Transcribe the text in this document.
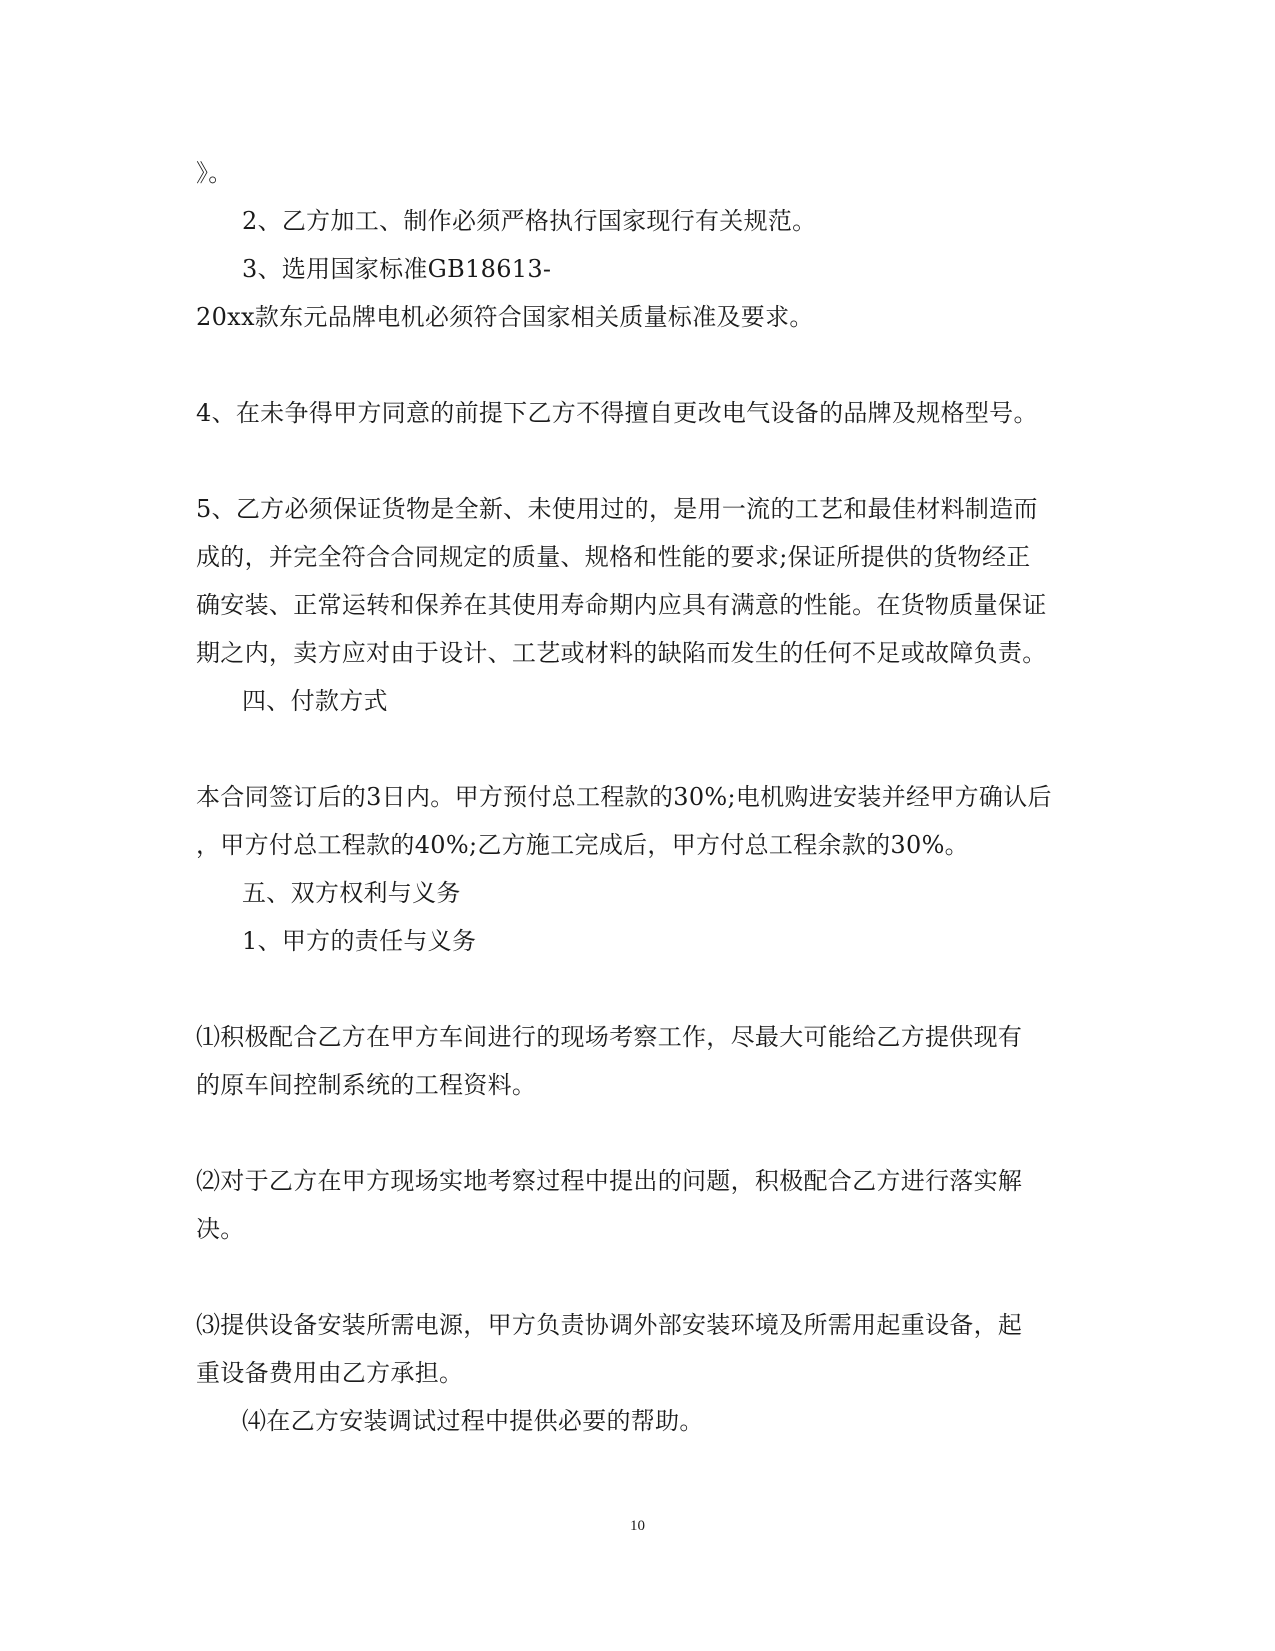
》。
2、乙方加工、制作必须严格执行国家现行有关规范。
3、选用国家标准GB18613-
20xx款东元品牌电机必须符合国家相关质量标准及要求。
4、在未争得甲方同意的前提下乙方不得擅自更改电气设备的品牌及规格型号。
5、乙方必须保证货物是全新、未使用过的，是用一流的工艺和最佳材料制造而
成的，并完全符合合同规定的质量、规格和性能的要求;保证所提供的货物经正
确安装、正常运转和保养在其使用寿命期内应具有满意的性能。在货物质量保证
期之内，卖方应对由于设计、工艺或材料的缺陷而发生的任何不足或故障负责。
四、付款方式
本合同签订后的3日内。甲方预付总工程款的30%;电机购进安装并经甲方确认后
，甲方付总工程款的40%;乙方施工完成后，甲方付总工程余款的30%。
五、双方权利与义务
1、甲方的责任与义务
⑴积极配合乙方在甲方车间进行的现场考察工作，尽最大可能给乙方提供现有
的原车间控制系统的工程资料。
⑵对于乙方在甲方现场实地考察过程中提出的问题，积极配合乙方进行落实解
决。
⑶提供设备安装所需电源，甲方负责协调外部安装环境及所需用起重设备，起
重设备费用由乙方承担。
⑷在乙方安装调试过程中提供必要的帮助。
10
